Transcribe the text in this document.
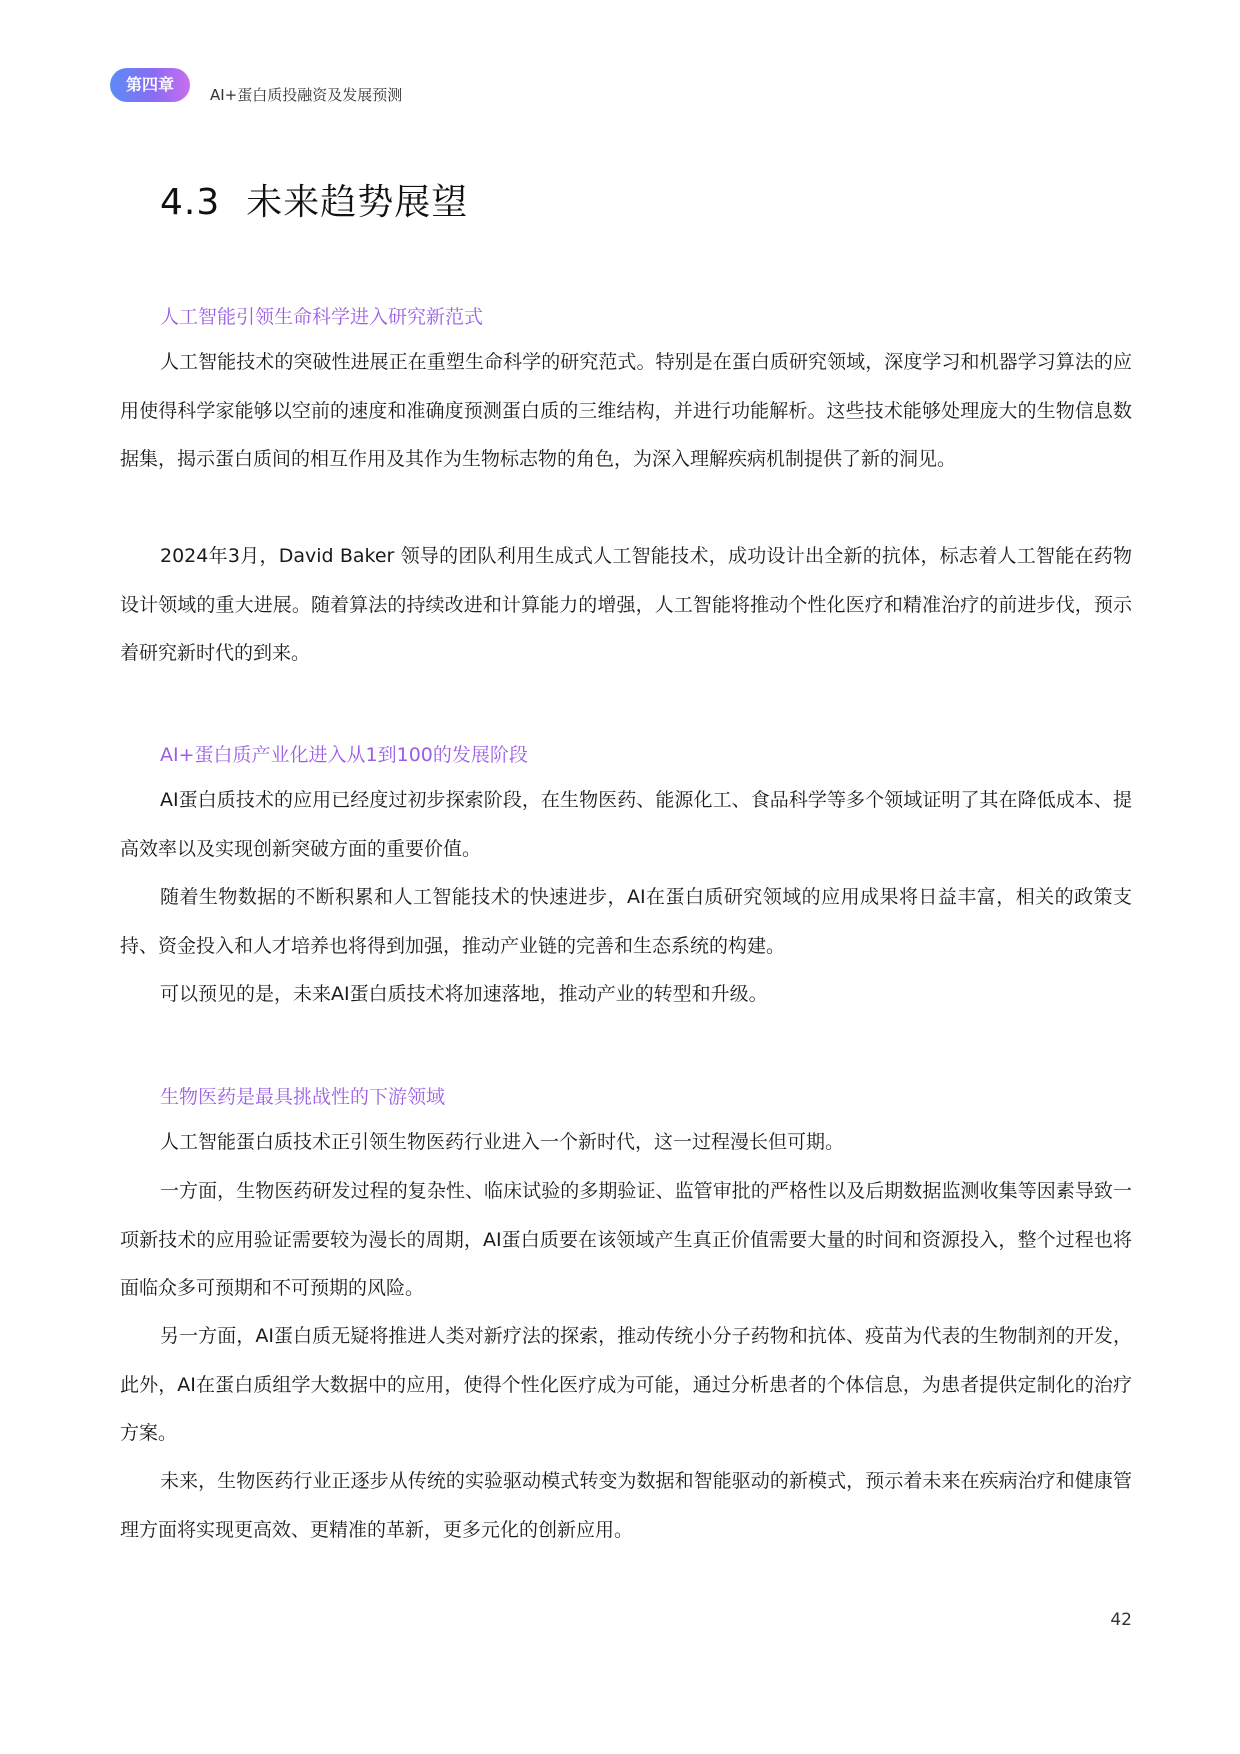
第四章
AI+蛋白质投融资及发展预测
4.3 未来趋势展望
人工智能引领生命科学进入研究新范式

人工智能技术的突破性进展正在重塑生命科学的研究范式。特别是在蛋白质研究领域，深度学习和机器学习算法的应用使得科学家能够以空前的速度和准确度预测蛋白质的三维结构，并进行功能解析。这些技术能够处理庞大的生物信息数据集，揭示蛋白质间的相互作用及其作为生物标志物的角色，为深入理解疾病机制提供了新的洞见。

2024年3月，David Baker 领导的团队利用生成式人工智能技术，成功设计出全新的抗体，标志着人工智能在药物设计领域的重大进展。随着算法的持续改进和计算能力的增强，人工智能将推动个性化医疗和精准治疗的前进步伐，预示着研究新时代的到来。

AI+蛋白质产业化进入从1到100的发展阶段

AI蛋白质技术的应用已经度过初步探索阶段，在生物医药、能源化工、食品科学等多个领域证明了其在降低成本、提高效率以及实现创新突破方面的重要价值。

随着生物数据的不断积累和人工智能技术的快速进步，AI在蛋白质研究领域的应用成果将日益丰富，相关的政策支持、资金投入和人才培养也将得到加强，推动产业链的完善和生态系统的构建。

可以预见的是，未来AI蛋白质技术将加速落地，推动产业的转型和升级。

生物医药是最具挑战性的下游领域

人工智能蛋白质技术正引领生物医药行业进入一个新时代，这一过程漫长但可期。

一方面，生物医药研发过程的复杂性、临床试验的多期验证、监管审批的严格性以及后期数据监测收集等因素导致一项新技术的应用验证需要较为漫长的周期，AI蛋白质要在该领域产生真正价值需要大量的时间和资源投入，整个过程也将面临众多可预期和不可预期的风险。

另一方面，AI蛋白质无疑将推进人类对新疗法的探索，推动传统小分子药物和抗体、疫苗为代表的生物制剂的开发，此外，AI在蛋白质组学大数据中的应用，使得个性化医疗成为可能，通过分析患者的个体信息，为患者提供定制化的治疗方案。

未来，生物医药行业正逐步从传统的实验驱动模式转变为数据和智能驱动的新模式，预示着未来在疾病治疗和健康管理方面将实现更高效、更精准的革新，更多元化的创新应用。

42
